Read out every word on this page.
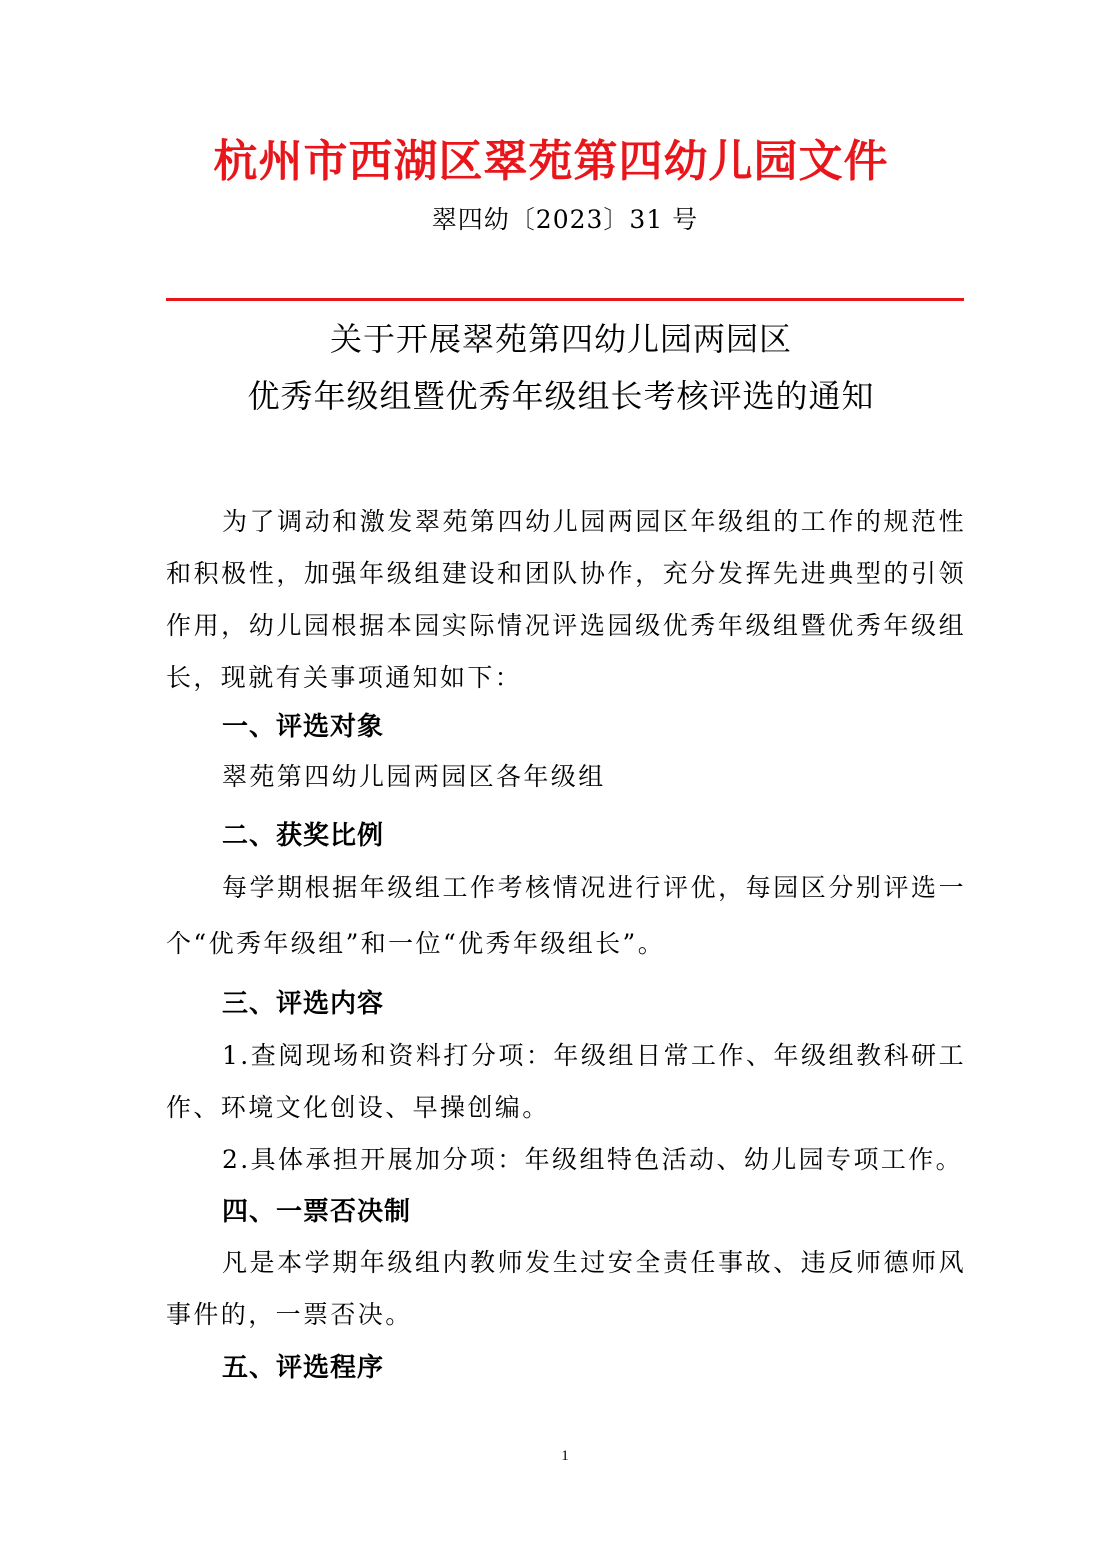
杭州市西湖区翠苑第四幼儿园文件
翠四幼〔2023〕31 号
关于开展翠苑第四幼儿园两园区
优秀年级组暨优秀年级组长考核评选的通知
为了调动和激发翠苑第四幼儿园两园区年级组的工作的规范性和积极性，加强年级组建设和团队协作，充分发挥先进典型的引领作用，幼儿园根据本园实际情况评选园级优秀年级组暨优秀年级组长，现就有关事项通知如下：
一、评选对象
翠苑第四幼儿园两园区各年级组
二、获奖比例
每学期根据年级组工作考核情况进行评优，每园区分别评选一个“优秀年级组”和一位“优秀年级组长”。
三、评选内容
1.查阅现场和资料打分项：年级组日常工作、年级组教科研工作、环境文化创设、早操创编。
2.具体承担开展加分项：年级组特色活动、幼儿园专项工作。
四、一票否决制
凡是本学期年级组内教师发生过安全责任事故、违反师德师风事件的，一票否决。
五、评选程序
1
